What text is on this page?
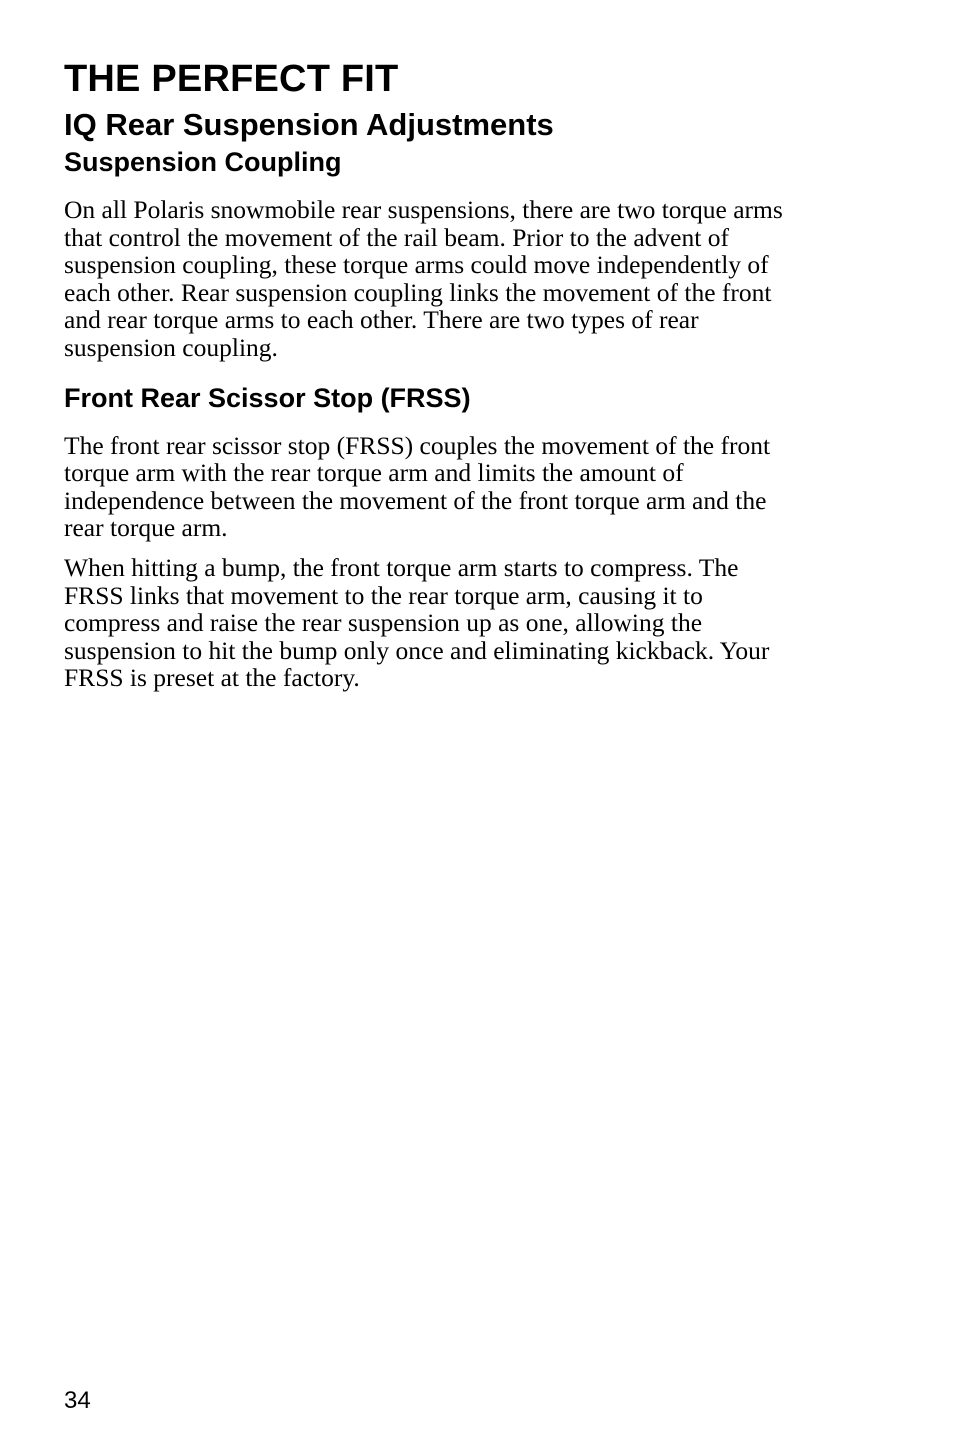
THE PERFECT FIT
IQ Rear Suspension Adjustments
Suspension Coupling

On all Polaris snowmobile rear suspensions, there are two torque arms
that control the movement of the rail beam. Prior to the advent of
suspension coupling, these torque arms could move independently of
each other. Rear suspension coupling links the movement of the front
and rear torque arms to each other. There are two types of rear
suspension coupling.

Front Rear Scissor Stop (FRSS)

The front rear scissor stop (FRSS) couples the movement of the front
torque arm with the rear torque arm and limits the amount of
independence between the movement of the front torque arm and the
rear torque arm.

When hitting a bump, the front torque arm starts to compress. The
FRSS links that movement to the rear torque arm, causing it to
compress and raise the rear suspension up as one, allowing the
suspension to hit the bump only once and eliminating kickback. Your
FRSS is preset at the factory.

34
